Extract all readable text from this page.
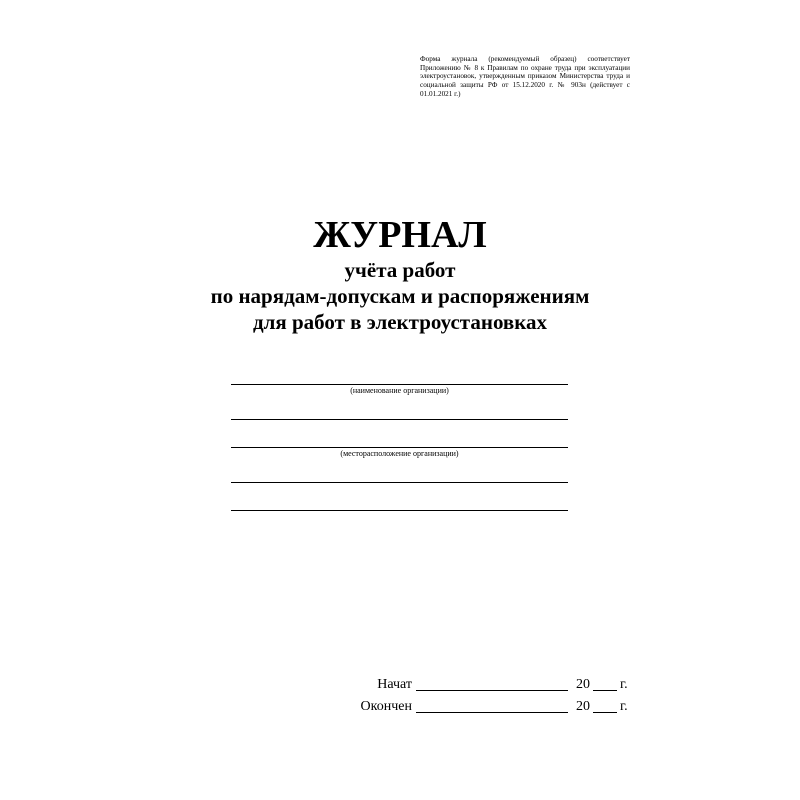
Форма журнала (рекомендуемый образец) соответствует Приложению № 8 к Правилам по охране труда при эксплуатации электроустановок, утвержденным приказом Министерства труда и социальной защиты РФ от 15.12.2020 г. № 903н (действует с 01.01.2021 г.)
ЖУРНАЛ
учёта работ
по нарядам-допускам и распоряжениям
для работ в электроустановках
(наименование организации)
(месторасположение организации)
Начат	20 г.
Окончен	20 г.
